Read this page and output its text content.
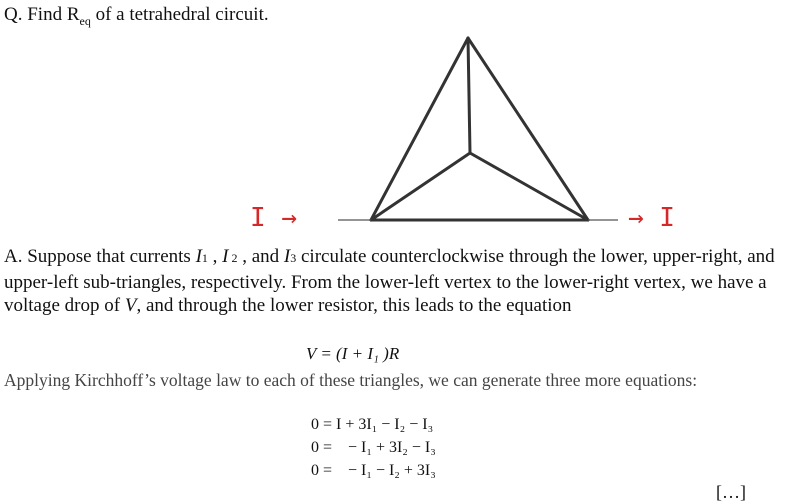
Q. Find $R_{eq}$ of a tetrahedral circuit.
I →	→ I
A. Suppose that currents I1 , I 2 , and I3 circulate counterclockwise through the lower, upper-right, and upper-left sub-triangles, respectively. From the lower-left vertex to the lower-right vertex, we have a voltage drop of V, and through the lower resistor, this leads to the equation
V = (I + I₁ )R
Applying Kirchhoff’s voltage law to each of these triangles, we can generate three more equations:
0 = I + 3I₁ − I₂ − I₃
0 =    − I₁ + 3I₂ − I₃
0 =    − I₁ − I₂ + 3I₃
[…]
